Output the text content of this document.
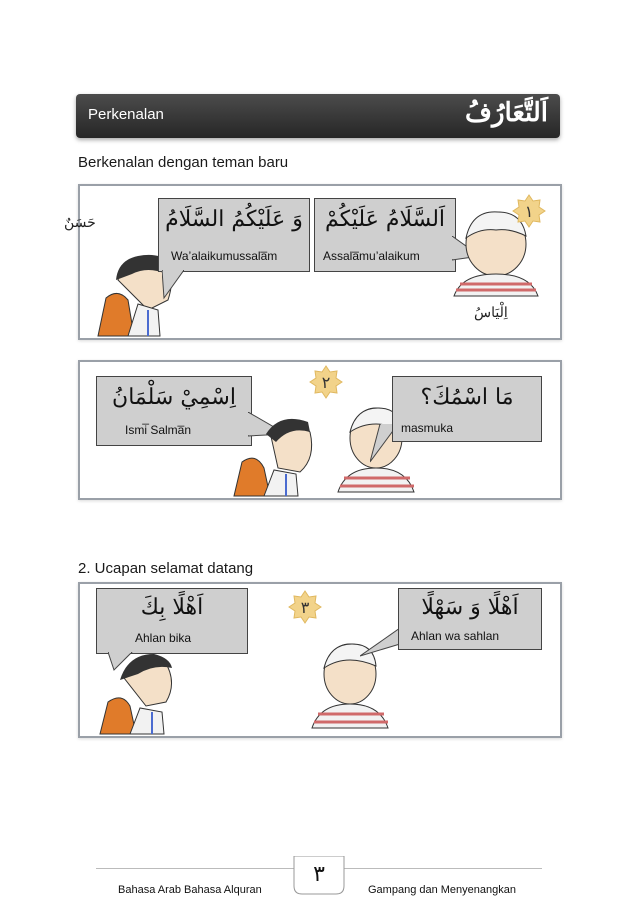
Perkenalan	اَلتَّعَارُفُ
Berkenalan dengan teman baru
حَسَنٌ	وَ عَلَيْكُمُ السَّلَامُ
Wa’alaikumussala̅m
اَلسَّلَامُ عَلَيْكُمْ
Assala̅mu’alaikum
اِلْيَاسُ
١
اِسْمِيْ سَلْمَانُ
Ismi̅ Salma̅n
مَا اسْمُكَ؟
masmuka
٢
2. Ucapan selamat datang
اَهْلًا بِكَ
Ahlan bika
اَهْلًا وَ سَهْلًا
Ahlan wa sahlan
٣
Bahasa Arab Bahasa Alquran
٣
Gampang dan Menyenangkan
